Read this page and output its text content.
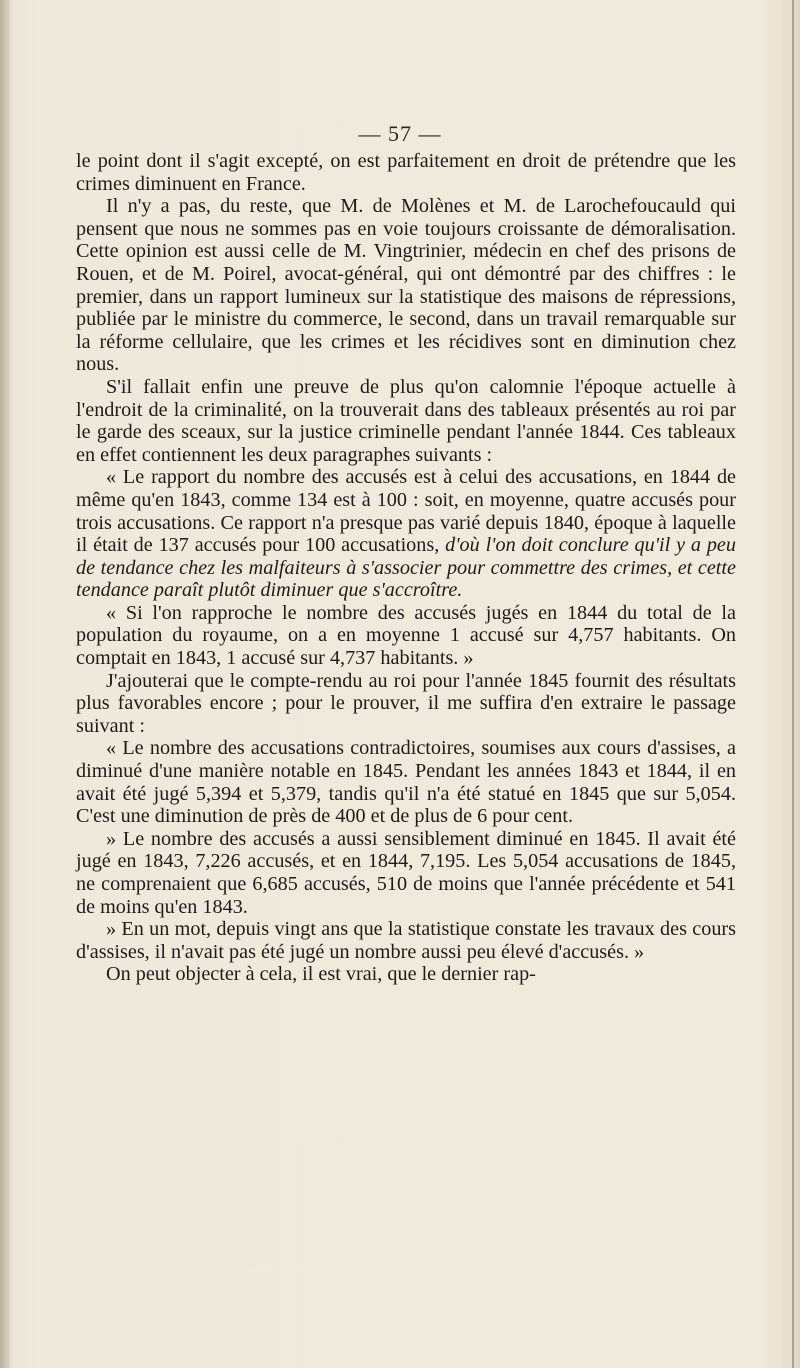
— 57 —

le point dont il s'agit excepté, on est parfaitement en droit de prétendre que les crimes diminuent en France.

Il n'y a pas, du reste, que M. de Molènes et M. de Larochefoucauld qui pensent que nous ne sommes pas en voie toujours croissante de démoralisation. Cette opinion est aussi celle de M. Vingtrinier, médecin en chef des prisons de Rouen, et de M. Poirel, avocat-général, qui ont démontré par des chiffres : le premier, dans un rapport lumineux sur la statistique des maisons de répressions, publiée par le ministre du commerce, le second, dans un travail remarquable sur la réforme cellulaire, que les crimes et les récidives sont en diminution chez nous.

S'il fallait enfin une preuve de plus qu'on calomnie l'époque actuelle à l'endroit de la criminalité, on la trouverait dans des tableaux présentés au roi par le garde des sceaux, sur la justice criminelle pendant l'année 1844. Ces tableaux en effet contiennent les deux paragraphes suivants :

« Le rapport du nombre des accusés est à celui des accusations, en 1844 de même qu'en 1843, comme 134 est à 100 : soit, en moyenne, quatre accusés pour trois accusations. Ce rapport n'a presque pas varié depuis 1840, époque à laquelle il était de 137 accusés pour 100 accusations, d'où l'on doit conclure qu'il y a peu de tendance chez les malfaiteurs à s'associer pour commettre des crimes, et cette tendance paraît plutôt diminuer que s'accroître.

« Si l'on rapproche le nombre des accusés jugés en 1844 du total de la population du royaume, on a en moyenne 1 accusé sur 4,757 habitants. On comptait en 1843, 1 accusé sur 4,737 habitants. »

J'ajouterai que le compte-rendu au roi pour l'année 1845 fournit des résultats plus favorables encore ; pour le prouver, il me suffira d'en extraire le passage suivant :

« Le nombre des accusations contradictoires, soumises aux cours d'assises, a diminué d'une manière notable en 1845. Pendant les années 1843 et 1844, il en avait été jugé 5,394 et 5,379, tandis qu'il n'a été statué en 1845 que sur 5,054. C'est une diminution de près de 400 et de plus de 6 pour cent.

» Le nombre des accusés a aussi sensiblement diminué en 1845. Il avait été jugé en 1843, 7,226 accusés, et en 1844, 7,195. Les 5,054 accusations de 1845, ne comprenaient que 6,685 accusés, 510 de moins que l'année précédente et 541 de moins qu'en 1843.

» En un mot, depuis vingt ans que la statistique constate les travaux des cours d'assises, il n'avait pas été jugé un nombre aussi peu élevé d'accusés. »

On peut objecter à cela, il est vrai, que le dernier rap-
